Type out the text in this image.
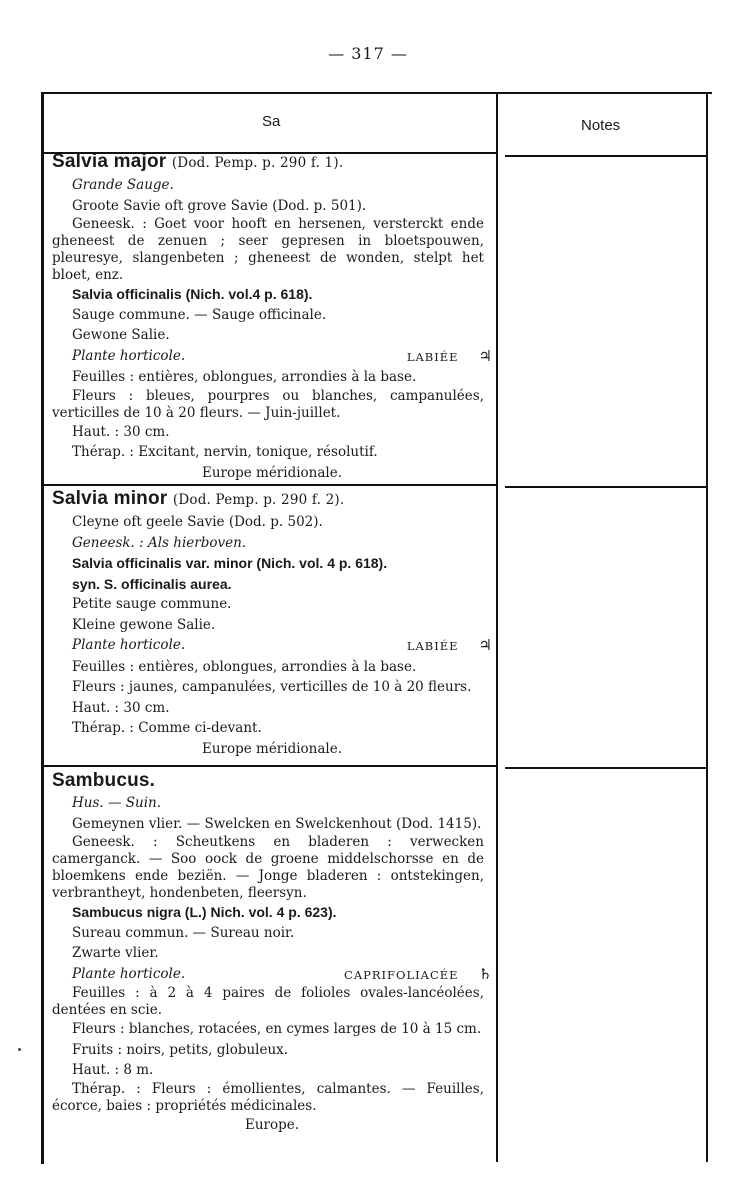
— 317 —
Sa	Notes
Salvia major (Dod. Pemp. p. 290 f. 1).
Grande Sauge.
Groote Savie oft grove Savie (Dod. p. 501).
Geneesk. : Goet voor hooft en hersenen, versterckt ende gheneest de zenuen ; seer gepresen in bloetspouwen, pleuresye, slangenbeten ; gheneest de wonden, stelpt het bloet, enz.
Salvia officinalis (Nich. vol.4 p. 618).
Sauge commune. — Sauge officinale.
Gewone Salie.
Plante horticole.	LABIÉE ♃
Feuilles : entières, oblongues, arrondies à la base.
Fleurs : bleues, pourpres ou blanches, campanulées, verticilles de 10 à 20 fleurs. — Juin-juillet.
Haut. : 30 cm.
Thérap. : Excitant, nervin, tonique, résolutif.
Europe méridionale.
Salvia minor (Dod. Pemp. p. 290 f. 2).
Cleyne oft geele Savie (Dod. p. 502).
Geneesk. : Als hierboven.
Salvia officinalis var. minor (Nich. vol. 4 p. 618).
syn. S. officinalis aurea.
Petite sauge commune.
Kleine gewone Salie.
Plante horticole.	LABIÉE ♃
Feuilles : entières, oblongues, arrondies à la base.
Fleurs : jaunes, campanulées, verticilles de 10 à 20 fleurs.
Haut. : 30 cm.
Thérap. : Comme ci-devant.
Europe méridionale.
Sambucus.
Hus. — Suin.
Gemeynen vlier. — Swelcken en Swelckenhout (Dod. 1415).
Geneesk. : Scheutkens en bladeren : verwecken camerganck. — Soo oock de groene middelschorsse en de bloemkens ende beziën. — Jonge bladeren : ontstekingen, verbrantheyt, hondenbeten, fleersyn.
Sambucus nigra (L.) Nich. vol. 4 p. 623).
Sureau commun. — Sureau noir.
Zwarte vlier.
Plante horticole.	CAPRIFOLIACÉE ♄
Feuilles : à 2 à 4 paires de folioles ovales-lancéolées, dentées en scie.
Fleurs : blanches, rotacées, en cymes larges de 10 à 15 cm.
Fruits : noirs, petits, globuleux.
Haut. : 8 m.
Thérap. : Fleurs : émollientes, calmantes. — Feuilles, écorce, baies : propriétés médicinales.
Europe.
